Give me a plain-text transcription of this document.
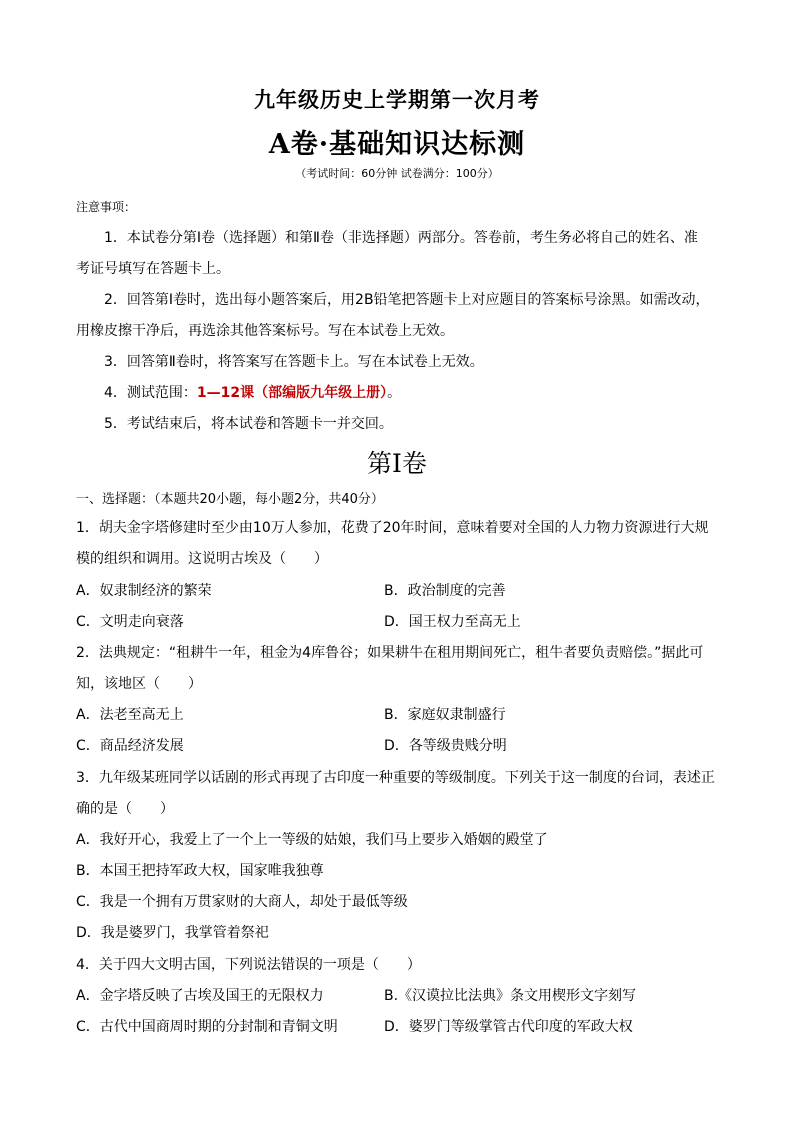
九年级历史上学期第一次月考
A卷·基础知识达标测
（考试时间：60分钟 试卷满分：100分）
注意事项：
1．本试卷分第Ⅰ卷（选择题）和第Ⅱ卷（非选择题）两部分。答卷前，考生务必将自己的姓名、准
考证号填写在答题卡上。
2．回答第Ⅰ卷时，选出每小题答案后，用2B铅笔把答题卡上对应题目的答案标号涂黑。如需改动，
用橡皮擦干净后，再选涂其他答案标号。写在本试卷上无效。
3．回答第Ⅱ卷时，将答案写在答题卡上。写在本试卷上无效。
4．测试范围：1—12课（部编版九年级上册）。
5．考试结束后，将本试卷和答题卡一并交回。
第Ⅰ卷
一、选择题：（本题共20小题，每小题2分，共40分）
1．胡夫金字塔修建时至少由10万人参加，花费了20年时间，意味着要对全国的人力物力资源进行大规
模的组织和调用。这说明古埃及（　　）
A．奴隶制经济的繁荣	B．政治制度的完善
C．文明走向衰落	D．国王权力至高无上
2．法典规定：“租耕牛一年，租金为4库鲁谷；如果耕牛在租用期间死亡，租牛者要负责赔偿。”据此可
知，该地区（　　）
A．法老至高无上	B．家庭奴隶制盛行
C．商品经济发展	D．各等级贵贱分明
3．九年级某班同学以话剧的形式再现了古印度一种重要的等级制度。下列关于这一制度的台词，表述正
确的是（　　）
A．我好开心，我爱上了一个上一等级的姑娘，我们马上要步入婚姻的殿堂了
B．本国王把持军政大权，国家唯我独尊
C．我是一个拥有万贯家财的大商人，却处于最低等级
D．我是婆罗门，我掌管着祭祀
4．关于四大文明古国，下列说法错误的一项是（　　）
A．金字塔反映了古埃及国王的无限权力	B.《汉谟拉比法典》条文用楔形文字刻写
C．古代中国商周时期的分封制和青铜文明	D．婆罗门等级掌管古代印度的军政大权
